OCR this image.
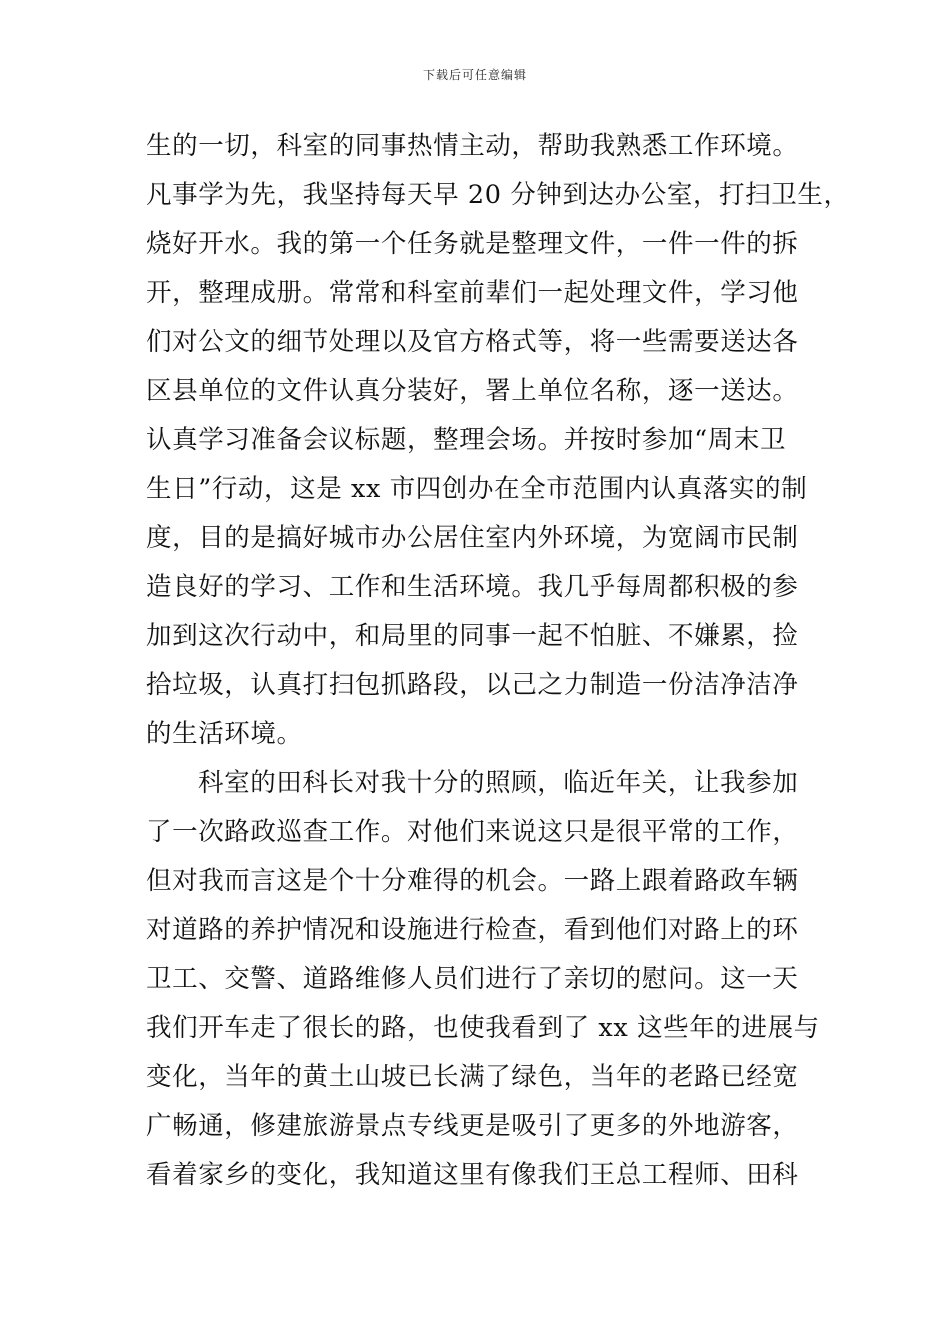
下载后可任意编辑
生的一切，科室的同事热情主动，帮助我熟悉工作环境。
凡事学为先，我坚持每天早 20 分钟到达办公室，打扫卫生，
烧好开水。我的第一个任务就是整理文件，一件一件的拆
开，整理成册。常常和科室前辈们一起处理文件，学习他
们对公文的细节处理以及官方格式等，将一些需要送达各
区县单位的文件认真分装好，署上单位名称，逐一送达。
认真学习准备会议标题，整理会场。并按时参加“周末卫
生日”行动，这是 xx 市四创办在全市范围内认真落实的制
度，目的是搞好城市办公居住室内外环境，为宽阔市民制
造良好的学习、工作和生活环境。我几乎每周都积极的参
加到这次行动中，和局里的同事一起不怕脏、不嫌累，捡
拾垃圾，认真打扫包抓路段，以己之力制造一份洁净洁净
的生活环境。
科室的田科长对我十分的照顾，临近年关，让我参加
了一次路政巡查工作。对他们来说这只是很平常的工作，
但对我而言这是个十分难得的机会。一路上跟着路政车辆
对道路的养护情况和设施进行检查，看到他们对路上的环
卫工、交警、道路维修人员们进行了亲切的慰问。这一天
我们开车走了很长的路，也使我看到了 xx 这些年的进展与
变化，当年的黄土山坡已长满了绿色，当年的老路已经宽
广畅通，修建旅游景点专线更是吸引了更多的外地游客，
看着家乡的变化，我知道这里有像我们王总工程师、田科
